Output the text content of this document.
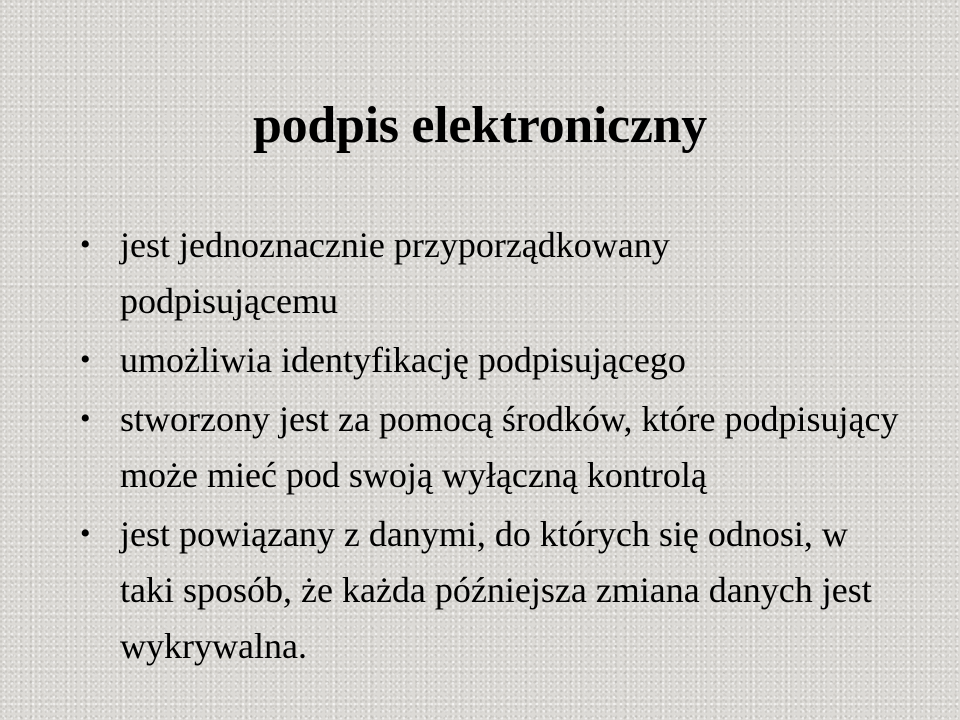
podpis elektroniczny
• jest jednoznacznie przyporządkowany podpisującemu
• umożliwia identyfikację podpisującego
• stworzony jest za pomocą środków, które podpisujący może mieć pod swoją wyłączną kontrolą
• jest powiązany z danymi, do których się odnosi, w taki sposób, że każda późniejsza zmiana danych jest wykrywalna.
